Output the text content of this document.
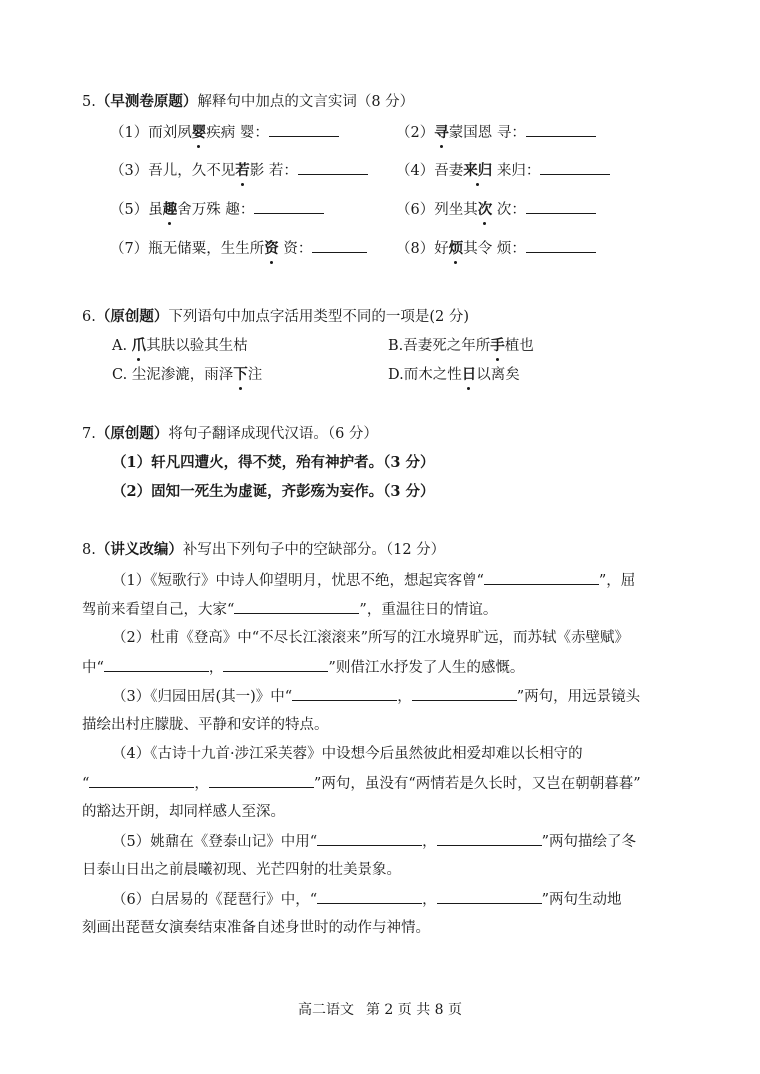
5.（早测卷原题）解释句中加点的文言实词（8 分）
（1）而刘夙婴疾病 婴：	（2）寻蒙国恩 寻：
（3）吾儿，久不见若影 若：	（4）吾妻来归 来归：
（5）虽趣舍万殊 趣：	（6）列坐其次 次：
（7）瓶无储粟，生生所资 资：	（8）好烦其令 烦：
6.（原创题）下列语句中加点字活用类型不同的一项是(2 分)
A. 爪其肤以验其生枯	B.吾妻死之年所手植也
C. 尘泥渗漉，雨泽下注	D.而木之性日以离矣
7.（原创题）将句子翻译成现代汉语。（6 分）
（1）轩凡四遭火，得不焚，殆有神护者。（3 分）
（2）固知一死生为虚诞，齐彭殇为妄作。（3 分）
8.（讲义改编）补写出下列句子中的空缺部分。（12 分）
（1）《短歌行》中诗人仰望明月，忧思不绝，想起宾客曾“	”，屈
驾前来看望自己，大家“	”，重温往日的情谊。
（2）杜甫《登高》中“不尽长江滚滚来”所写的江水境界旷远，而苏轼《赤壁赋》
中“	，	”则借江水抒发了人生的感慨。
（3）《归园田居(其一)》中“	，	”两句，用远景镜头
描绘出村庄朦胧、平静和安详的特点。
（4）《古诗十九首·涉江采芙蓉》中设想今后虽然彼此相爱却难以长相守的
“	，	”两句，虽没有“两情若是久长时，又岂在朝朝暮暮”
的豁达开朗，却同样感人至深。
（5）姚鼐在《登泰山记》中用“	，	”两句描绘了冬
日泰山日出之前晨曦初现、光芒四射的壮美景象。
（6）白居易的《琵琶行》中，“	，	”两句生动地
刻画出琵琶女演奏结束准备自述身世时的动作与神情。
高二语文 第 2 页 共 8 页
